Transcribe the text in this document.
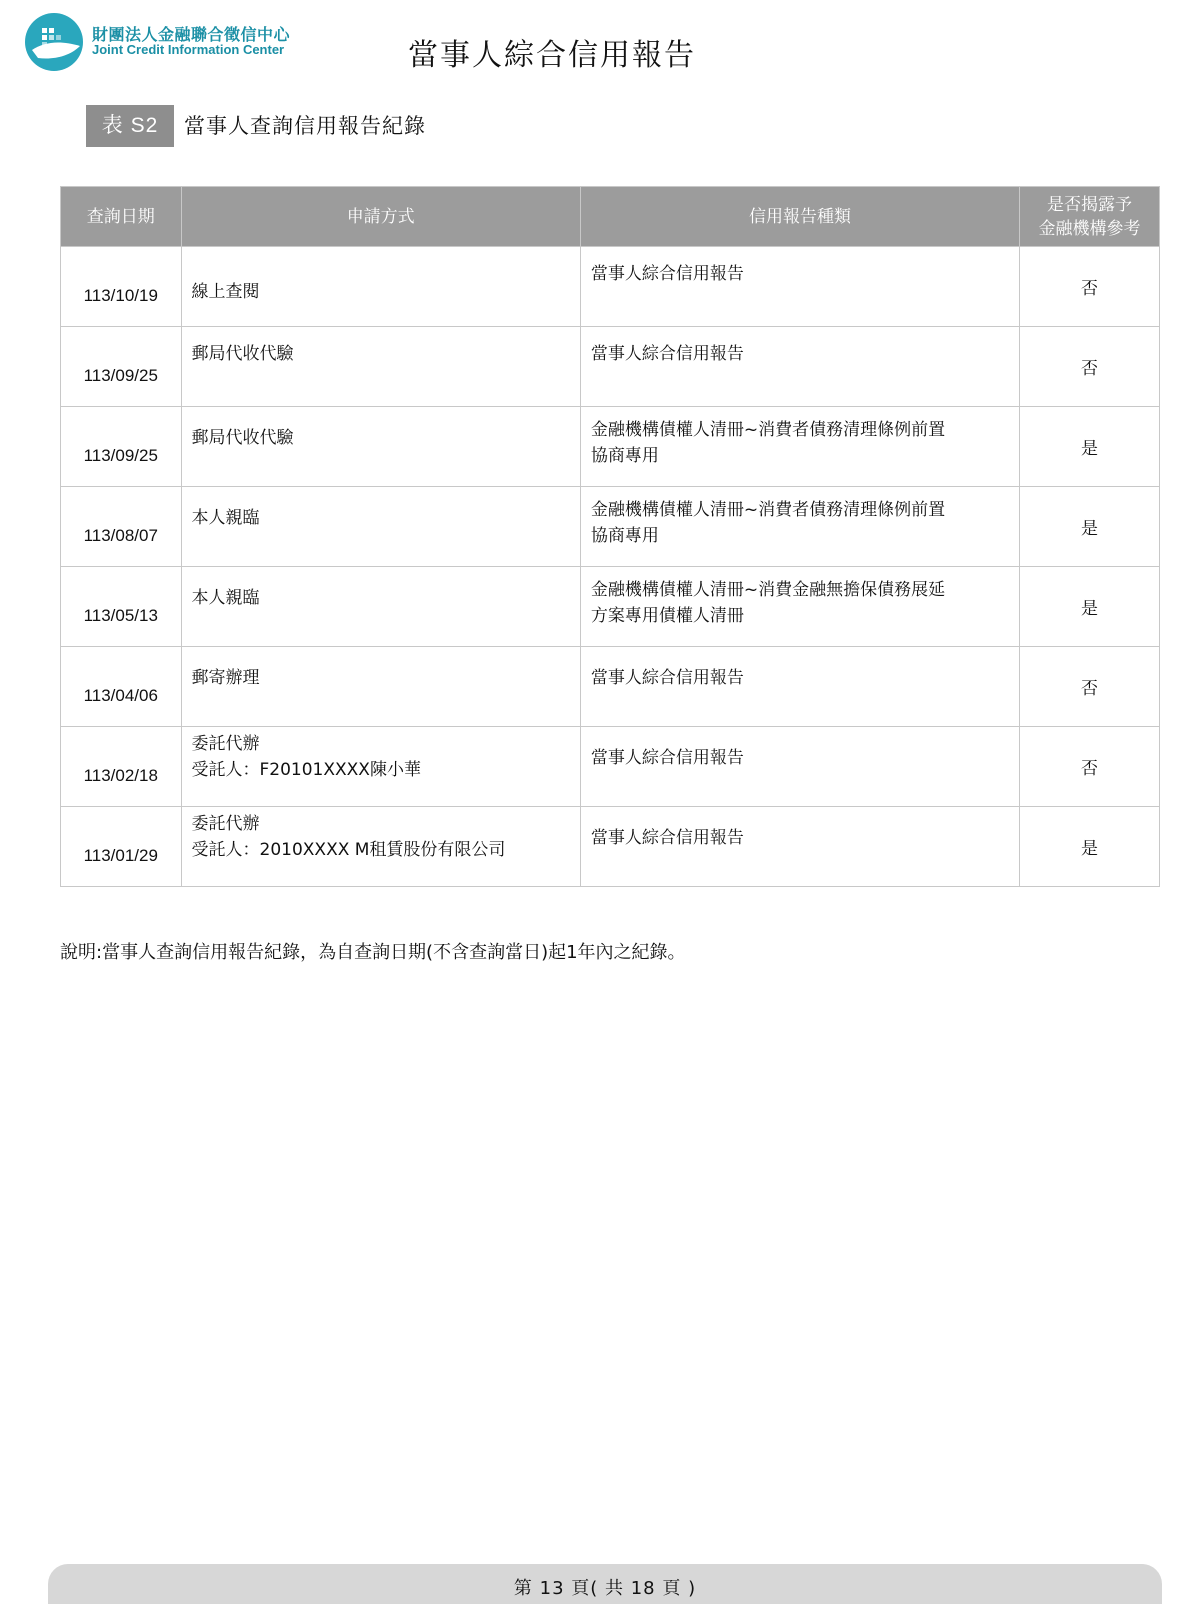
財團法人金融聯合徵信中心
Joint Credit Information Center	當事人綜合信用報告
表 S2	當事人查詢信用報告紀錄
查詢日期	申請方式	信用報告種類	是否揭露予
金融機構參考

113/10/19	線上查閱	當事人綜合信用報告	否

113/09/25	郵局代收代驗	當事人綜合信用報告	否

113/09/25	郵局代收代驗	金融機構債權人清冊~消費者債務清理條例前置
協商專用	是

113/08/07	本人親臨	金融機構債權人清冊~消費者債務清理條例前置
協商專用	是

113/05/13	本人親臨	金融機構債權人清冊~消費金融無擔保債務展延
方案專用債權人清冊	是

113/04/06	郵寄辦理	當事人綜合信用報告	否

113/02/18	委託代辦
受託人：F20101XXXX陳小華	當事人綜合信用報告	否

113/01/29	委託代辦
受託人：2010XXXX M租賃股份有限公司	當事人綜合信用報告	是
說明:當事人查詢信用報告紀錄，為自查詢日期(不含查詢當日)起1年內之紀錄。
第 13 頁( 共 18 頁 )
